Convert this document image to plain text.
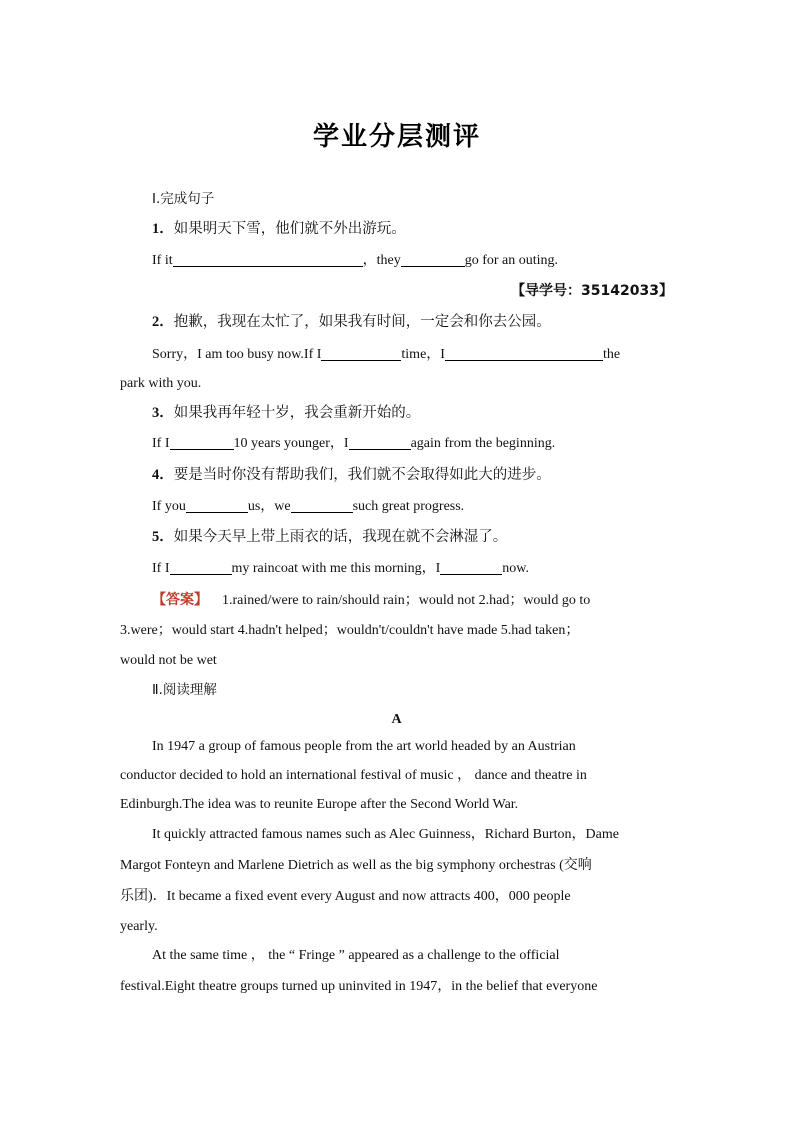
学业分层测评
Ⅰ.完成句子
1．如果明天下雪，他们就不外出游玩。
If it	，they	go for an outing.
【导学号：35142033】
2．抱歉，我现在太忙了，如果我有时间，一定会和你去公园。
Sorry，I am too busy now.If I	time，I	the
park with you.
3．如果我再年轻十岁，我会重新开始的。
If I	10 years younger，I	again from the beginning.
4．要是当时你没有帮助我们，我们就不会取得如此大的进步。
If you	us，we	such great progress.
5．如果今天早上带上雨衣的话，我现在就不会淋湿了。
If I	my raincoat with me this morning，I	now.
【答案】 1.rained/were to rain/should rain；would not 2.had；would go to
3.were；would start 4.hadn't helped；wouldn't/couldn't have made 5.had taken；
would not be wet
Ⅱ.阅读理解
A
In 1947 a group of famous people from the art world headed by an Austrian
conductor decided to hold an international festival of music ， dance and theatre in
Edinburgh.The idea was to reunite Europe after the Second World War.
It quickly attracted famous names such as Alec Guinness，Richard Burton，Dame
Margot Fonteyn and Marlene Dietrich as well as the big symphony orchestras (交响
乐团)．It became a fixed event every August and now attracts 400，000 people
yearly.
At the same time ， the “ Fringe ” appeared as a challenge to the official
festival.Eight theatre groups turned up uninvited in 1947，in the belief that everyone
